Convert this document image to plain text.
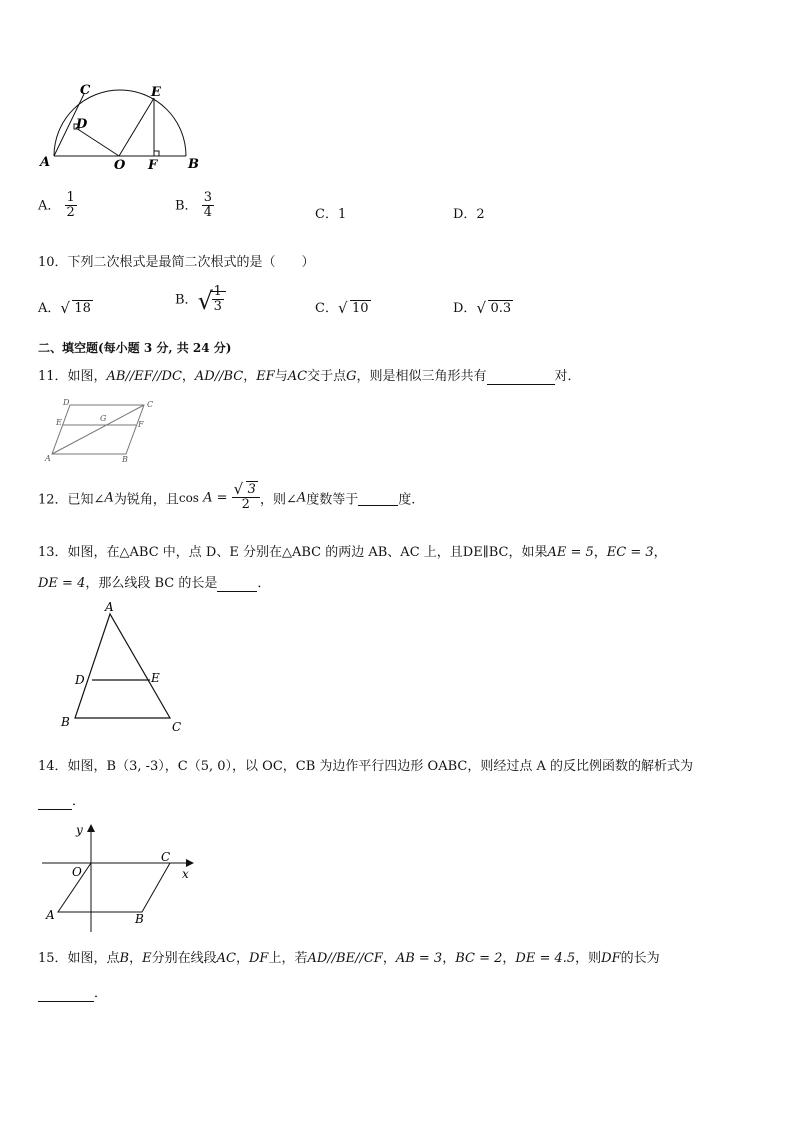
C	E
D
A	O F B
A． $\frac{1}{2}$	B． $\frac{3}{4}$	C．1	D．2
10．下列二次根式是最简二次根式的是（　　）
A． √ 18
B． √
$\frac{1}{3}$	C． √ 10	D． √ 0.3
二、填空题(每小题 3 分, 共 24 分)
11．如图，AB//EF//DC，AD//BC，EF与AC交于点G，则是相似三角形共有	对．
D	C
G
E	F
A	B
12．已知∠A为锐角，且$\cos A = \frac{√ 3}{2}$ ，则∠A度数等于	度.
13．如图，在△ABC 中，点 D、E 分别在△ABC 的两边 AB、AC 上，且DE∥BC，如果AE = 5，EC = 3，
DE = 4，那么线段 BC 的长是	．
A
D	E
B	C
14．如图，B（3, -3），C（5, 0），以 OC，CB 为边作平行四边形 OABC，则经过点 A 的反比例函数的解析式为
．
y
C
O	x
A	B
15．如图，点B，E分别在线段AC，DF上，若AD//BE//CF，AB = 3，BC = 2，DE = 4.5，则DF的长为
．
